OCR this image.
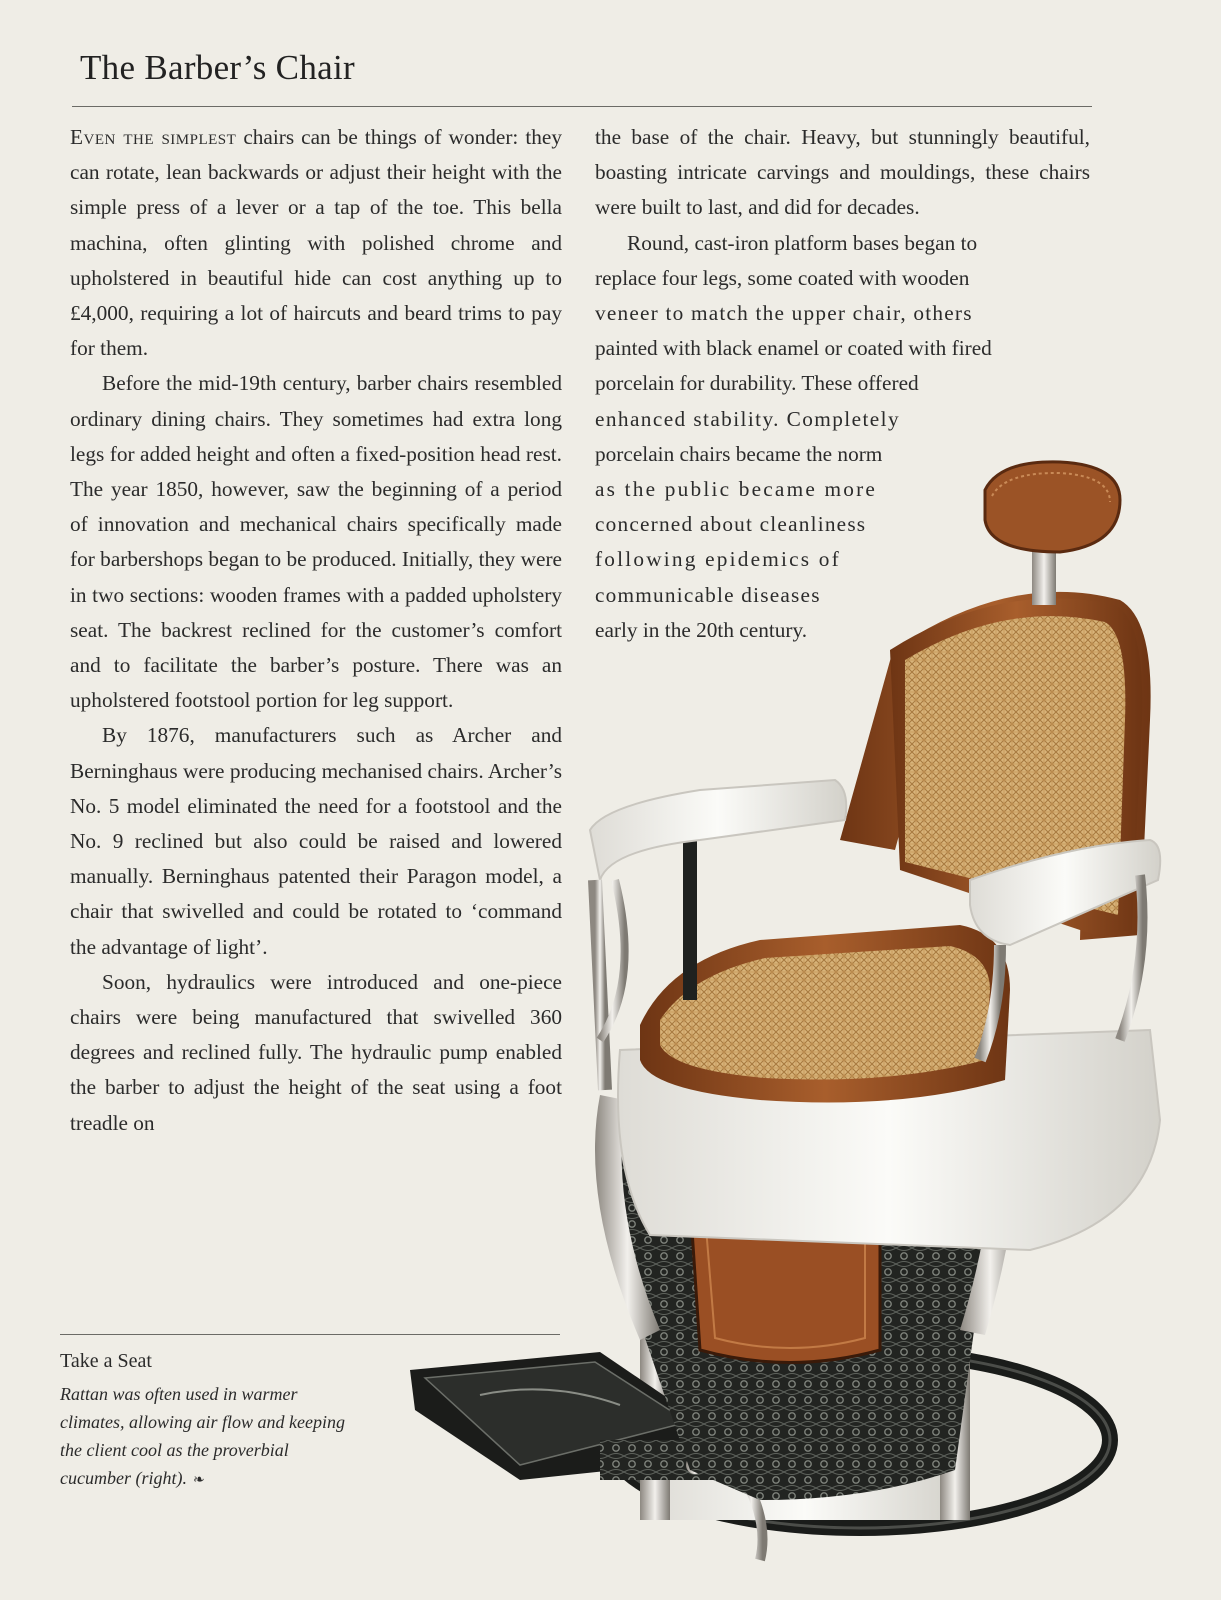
The Barber’s Chair

Even the simplest chairs can be things of wonder: they can rotate, lean backwards or adjust their height with the simple press of a lever or a tap of the toe. This bella machina, often glinting with polished chrome and upholstered in beautiful hide can cost anything up to £4,000, requiring a lot of haircuts and beard trims to pay for them.

Before the mid-19th century, barber chairs resembled ordinary dining chairs. They sometimes had extra long legs for added height and often a fixed-position head rest. The year 1850, however, saw the beginning of a period of innovation and mechanical chairs specifically made for barbershops began to be produced. Initially, they were in two sections: wooden frames with a padded upholstery seat. The backrest reclined for the customer’s comfort and to facilitate the barber’s posture. There was an upholstered footstool portion for leg support.

By 1876, manufacturers such as Archer and Berninghaus were producing mechanised chairs. Archer’s No. 5 model eliminated the need for a footstool and the No. 9 reclined but also could be raised and lowered manually. Berninghaus patented their Paragon model, a chair that swivelled and could be rotated to ‘command the advantage of light’.

Soon, hydraulics were introduced and one-piece chairs were being manufactured that swivelled 360 degrees and reclined fully. The hydraulic pump enabled the barber to adjust the height of the seat using a foot treadle on

the base of the chair. Heavy, but stunningly beautiful, boasting intricate carvings and mouldings, these chairs were built to last, and did for decades.

Round, cast-iron platform bases began to
replace four legs, some coated with wooden
veneer to match the upper chair, others
painted with black enamel or coated with fired
porcelain for durability. These offered
enhanced stability. Completely
porcelain chairs became the norm
as the public became more
concerned about cleanliness
following epidemics of
communicable diseases
early in the 20th century.
Take a Seat
Rattan was often used in warmer climates, allowing air flow and keeping the client cool as the proverbial cucumber (right). ❧
